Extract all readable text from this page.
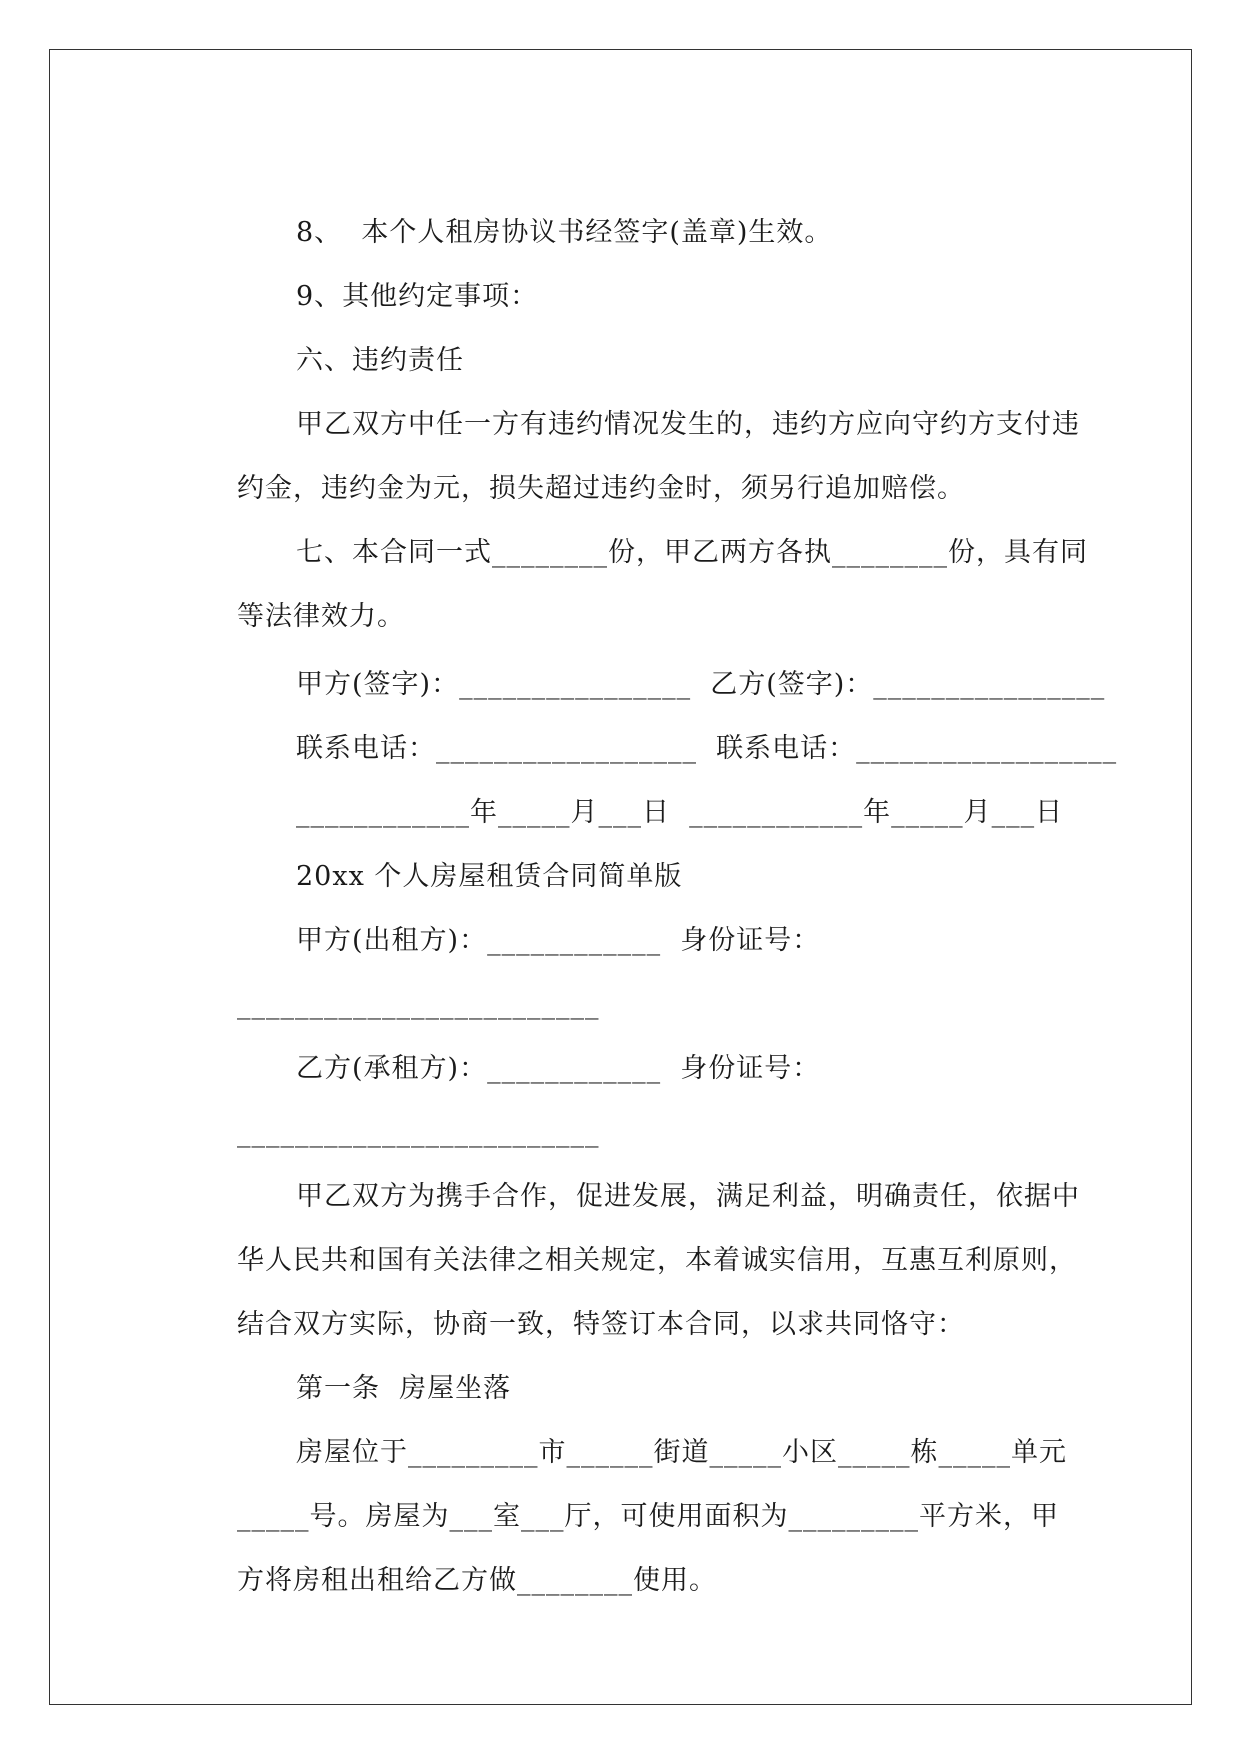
8、  本个人租房协议书经签字(盖章)生效。

9、其他约定事项：

六、违约责任

甲乙双方中任一方有违约情况发生的，违约方应向守约方支付违

约金，违约金为元，损失超过违约金时，须另行追加赔偿。

七、本合同一式________份，甲乙两方各执________份，具有同

等法律效力。

甲方(签字)：________________  乙方(签字)：________________

联系电话：__________________  联系电话：__________________

____________年_____月___日  ____________年_____月___日

20xx 个人房屋租赁合同简单版

甲方(出租方)：____________  身份证号：

_________________________

乙方(承租方)：____________  身份证号：

_________________________

甲乙双方为携手合作，促进发展，满足利益，明确责任，依据中

华人民共和国有关法律之相关规定，本着诚实信用，互惠互利原则，

结合双方实际，协商一致，特签订本合同，以求共同恪守：

第一条  房屋坐落

房屋位于_________市______街道_____小区_____栋_____单元

_____号。房屋为___室___厅，可使用面积为_________平方米，甲

方将房租出租给乙方做________使用。
